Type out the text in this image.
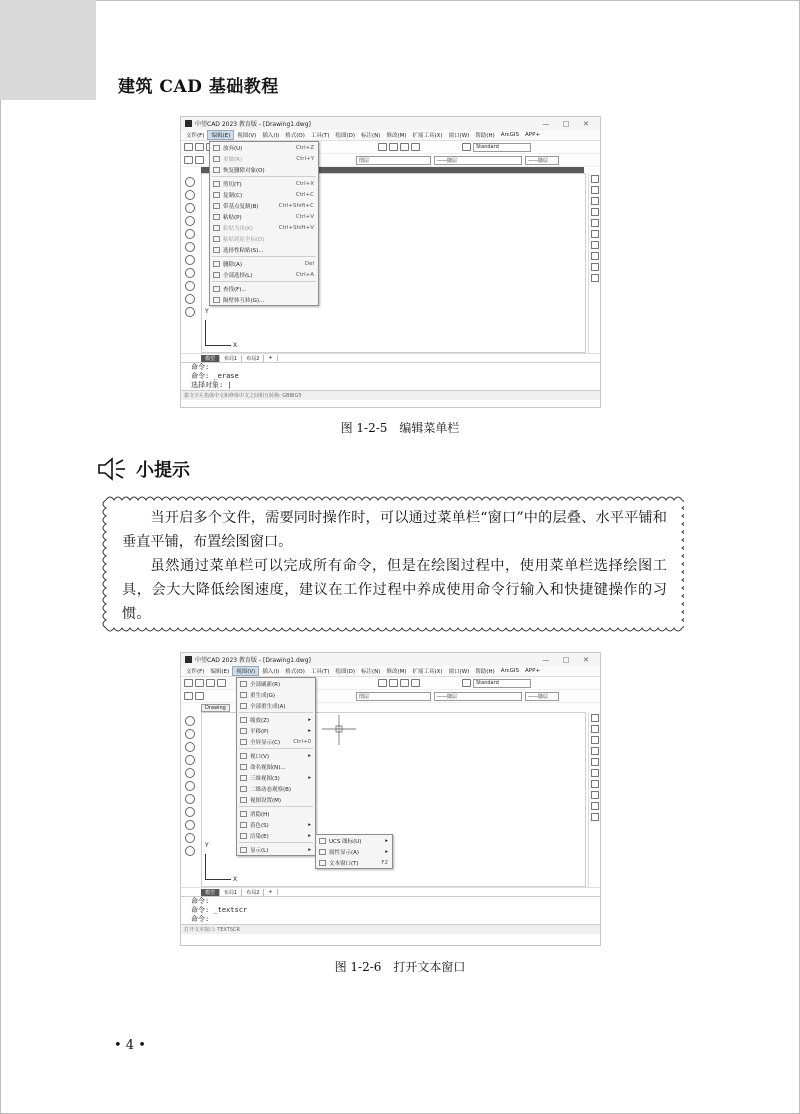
建筑 CAD 基础教程
中望CAD 2023 教育版 - [Drawing1.dwg]	—	□	✕
文件(F)	编辑(E)	视图(V)	插入(I)	格式(O)	工具(T)	绘图(D)	标注(N)	修改(M)	扩展工具(X)	窗口(W)	帮助(H)	ArcGIS	APP+
Standard
图层	——随层	——随层
X
Y
模型	布局1	布局2	+
命令:
命令: _erase
选择对象: |
拔文字左指体中文和修体中文之间相互转换: GBBIG5
放弃(U)	Ctrl+Z
重做(R)	Ctrl+Y
恢复删除对象(O)
剪切(T)	Ctrl+X
复制(C)	Ctrl+C
带基点复制(B)	Ctrl+Shift+C
粘贴(P)	Ctrl+V
粘贴为块(K)	Ctrl+Shift+V
粘贴到原坐标(D)
选择性粘贴(S)...
删除(A)	Del
全部选择(L)	Ctrl+A
查找(F)...
隔壁体互转(G)...
图 1-2-5　编辑菜单栏
小提示

当开启多个文件，需要同时操作时，可以通过菜单栏“窗口”中的层叠、水平平铺和垂直平铺，布置绘图窗口。

虽然通过菜单栏可以完成所有命令，但是在绘图过程中，使用菜单栏选择绘图工具，会大大降低绘图速度，建议在工作过程中养成使用命令行输入和快捷键操作的习惯。

中望CAD 2023 教育版 - [Drawing1.dwg]	—	□	✕
文件(F)	编辑(E)	视图(V)	插入(I)	格式(O)	工具(T)	绘图(D)	标注(N)	修改(M)	扩展工具(X)	窗口(W)	帮助(H)	ArcGIS	APP+
Standard
图层	——随层	——随层
Drawing
X
Y
模型	布局1	布局2	+
命令:
命令: _textscr
命令:
打开文本窗口: TEXTSCR
全部刷新(R)
重生成(G)
全部重生成(A)
缩放(Z)	▸
平移(P)	▸
全屏显示(C)	Ctrl+0
视口(V)	▸
命名视图(N)...
三维视图(3)	▸
二维动态观察(B)
视图设置(M)
消隐(H)
着色(S)	▸
渲染(E)	▸
显示(L)	▸
UCS 图标(U)	▸
属性显示(A)	▸
文本窗口(T)	F2
图 1-2-6　打开文本窗口
• 4 •
